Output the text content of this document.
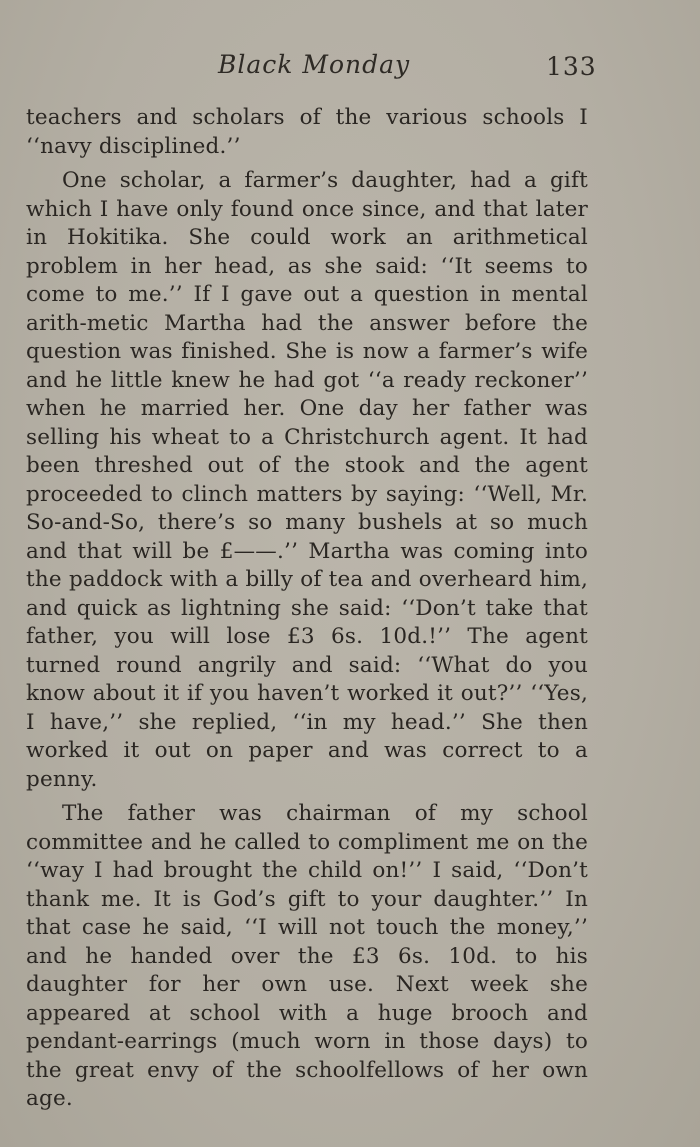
Black Monday	133

teachers and scholars of the various schools I ‘‘navy disciplined.’’

One scholar, a farmer’s daughter, had a gift which I have only found once since, and that later in Hokitika. She could work an arithmetical problem in her head, as she said: ‘‘It seems to come to me.’’ If I gave out a question in mental arith-metic Martha had the answer before the question was finished. She is now a farmer’s wife and he little knew he had got ‘‘a ready reckoner’’ when he married her. One day her father was selling his wheat to a Christchurch agent. It had been threshed out of the stook and the agent proceeded to clinch matters by saying: ‘‘Well, Mr. So-and-So, there’s so many bushels at so much and that will be £——.’’ Martha was coming into the paddock with a billy of tea and overheard him, and quick as lightning she said: ‘‘Don’t take that father, you will lose £3 6s. 10d.!’’ The agent turned round angrily and said: ‘‘What do you know about it if you haven’t worked it out?’’ ‘‘Yes, I have,’’ she replied, ‘‘in my head.’’ She then worked it out on paper and was correct to a penny.

The father was chairman of my school committee and he called to compliment me on the ‘‘way I had brought the child on!’’ I said, ‘‘Don’t thank me. It is God’s gift to your daughter.’’ In that case he said, ‘‘I will not touch the money,’’ and he handed over the £3 6s. 10d. to his daughter for her own use. Next week she appeared at school with a huge brooch and pendant-earrings (much worn in those days) to the great envy of the schoolfellows of her own age.
